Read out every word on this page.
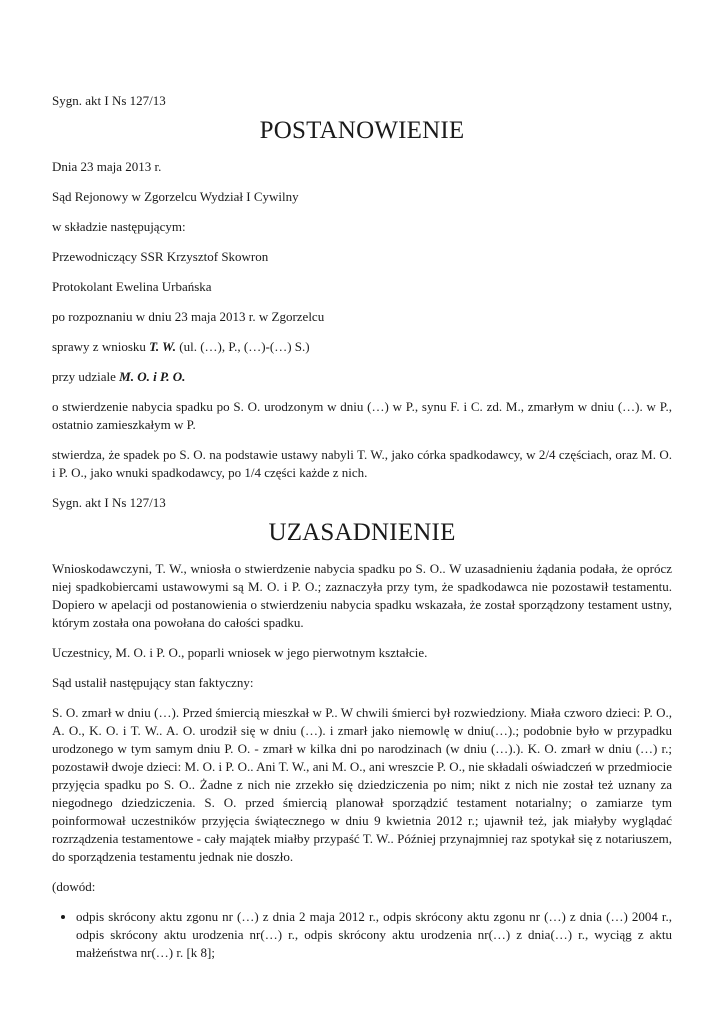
Sygn. akt I Ns 127/13

POSTANOWIENIE

Dnia 23 maja 2013 r.

Sąd Rejonowy w Zgorzelcu Wydział I Cywilny

w składzie następującym:

Przewodniczący SSR Krzysztof Skowron

Protokolant Ewelina Urbańska

po rozpoznaniu w dniu 23 maja 2013 r. w Zgorzelcu

sprawy z wniosku T. W. (ul. (…), P., (…)-(…) S.)

przy udziale M. O. i P. O.

o stwierdzenie nabycia spadku po S. O. urodzonym w dniu (…) w P., synu F. i C. zd. M., zmarłym w dniu (…). w P., ostatnio zamieszkałym w P.

stwierdza, że spadek po S. O. na podstawie ustawy nabyli T. W., jako córka spadkodawcy, w 2/4 częściach, oraz M. O. i P. O., jako wnuki spadkodawcy, po 1/4 części każde z nich.

Sygn. akt I Ns 127/13

UZASADNIENIE

Wnioskodawczyni, T. W., wniosła o stwierdzenie nabycia spadku po S. O.. W uzasadnieniu żądania podała, że oprócz niej spadkobiercami ustawowymi są M. O. i P. O.; zaznaczyła przy tym, że spadkodawca nie pozostawił testamentu. Dopiero w apelacji od postanowienia o stwierdzeniu nabycia spadku wskazała, że został sporządzony testament ustny, którym została ona powołana do całości spadku.

Uczestnicy, M. O. i P. O., poparli wniosek w jego pierwotnym kształcie.

Sąd ustalił następujący stan faktyczny:

S. O. zmarł w dniu (…). Przed śmiercią mieszkał w P.. W chwili śmierci był rozwiedziony. Miała czworo dzieci: P. O., A. O., K. O. i T. W.. A. O. urodził się w dniu (…). i zmarł jako niemowlę w dniu(…).; podobnie było w przypadku urodzonego w tym samym dniu P. O. - zmarł w kilka dni po narodzinach (w dniu (…).). K. O. zmarł w dniu (…) r.; pozostawił dwoje dzieci: M. O. i P. O.. Ani T. W., ani M. O., ani wreszcie P. O., nie składali oświadczeń w przedmiocie przyjęcia spadku po S. O.. Żadne z nich nie zrzekło się dziedziczenia po nim; nikt z nich nie został też uznany za niegodnego dziedziczenia. S. O. przed śmiercią planował sporządzić testament notarialny; o zamiarze tym poinformował uczestników przyjęcia świątecznego w dniu 9 kwietnia 2012 r.; ujawnił też, jak miałyby wyglądać rozrządzenia testamentowe - cały majątek miałby przypaść T. W.. Później przynajmniej raz spotykał się z notariuszem, do sporządzenia testamentu jednak nie doszło.

(dowód:

• odpis skrócony aktu zgonu nr (…) z dnia 2 maja 2012 r., odpis skrócony aktu zgonu nr (…) z dnia (…) 2004 r., odpis skrócony aktu urodzenia nr(…) r., odpis skrócony aktu urodzenia nr(…) z dnia(…) r., wyciąg z aktu małżeństwa nr(…) r. [k 8];
